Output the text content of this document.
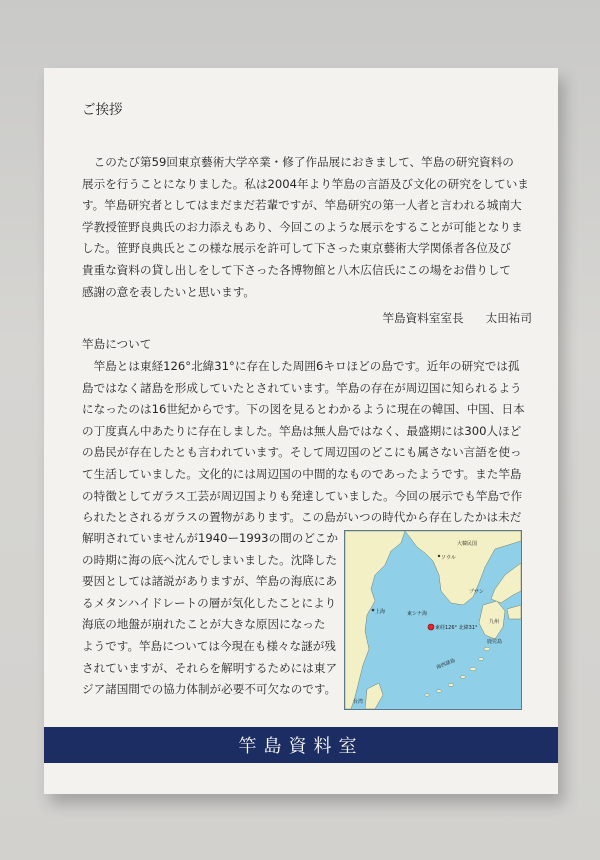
ご挨拶
　このたび第59回東京藝術大学卒業・修了作品展におきまして、竿島の研究資料の
展示を行うことになりました。私は2004年より竿島の言語及び文化の研究をしていま
す。竿島研究者としてはまだまだ若輩ですが、竿島研究の第一人者と言われる城南大
学教授笹野良典氏のお力添えもあり、今回このような展示をすることが可能となりま
した。笹野良典氏とこの様な展示を許可して下さった東京藝術大学関係者各位及び
貴重な資料の貸し出しをして下さった各博物館と八木広信氏にこの場をお借りして
感謝の意を表したいと思います。
竿島資料室室長 太田祐司
竿島について
　竿島とは東経126°北緯31°に存在した周囲6キロほどの島です。近年の研究では孤
島ではなく諸島を形成していたとされています。竿島の存在が周辺国に知られるよう
になったのは16世紀からです。下の図を見るとわかるように現在の韓国、中国、日本
の丁度真ん中あたりに存在しました。竿島は無人島ではなく、最盛期には300人ほど
の島民が存在したとも言われています。そして周辺国のどこにも属さない言語を使っ
て生活していました。文化的には周辺国の中間的なものであったようです。また竿島
の特徴としてガラス工芸が周辺国よりも発達していました。今回の展示でも竿島で作
られたとされるガラスの置物があります。この島がいつの時代から存在したかは未だ
解明されていませんが1940ー1993の間のどこか
の時期に海の底へ沈んでしまいました。沈降した
要因としては諸説がありますが、竿島の海底にあ
るメタンハイドレートの層が気化したことにより
海底の地盤が崩れたことが大きな原因になった
ようです。竿島については今現在も様々な謎が残
されていますが、それらを解明するためには東ア
ジア諸国間での協力体制が必要不可欠なのです。
大韓民国
ソウル
プサン
上海	東シナ海
東経126° 北緯31°
九州
鹿児島
南西諸島
台湾
竿島資料室
